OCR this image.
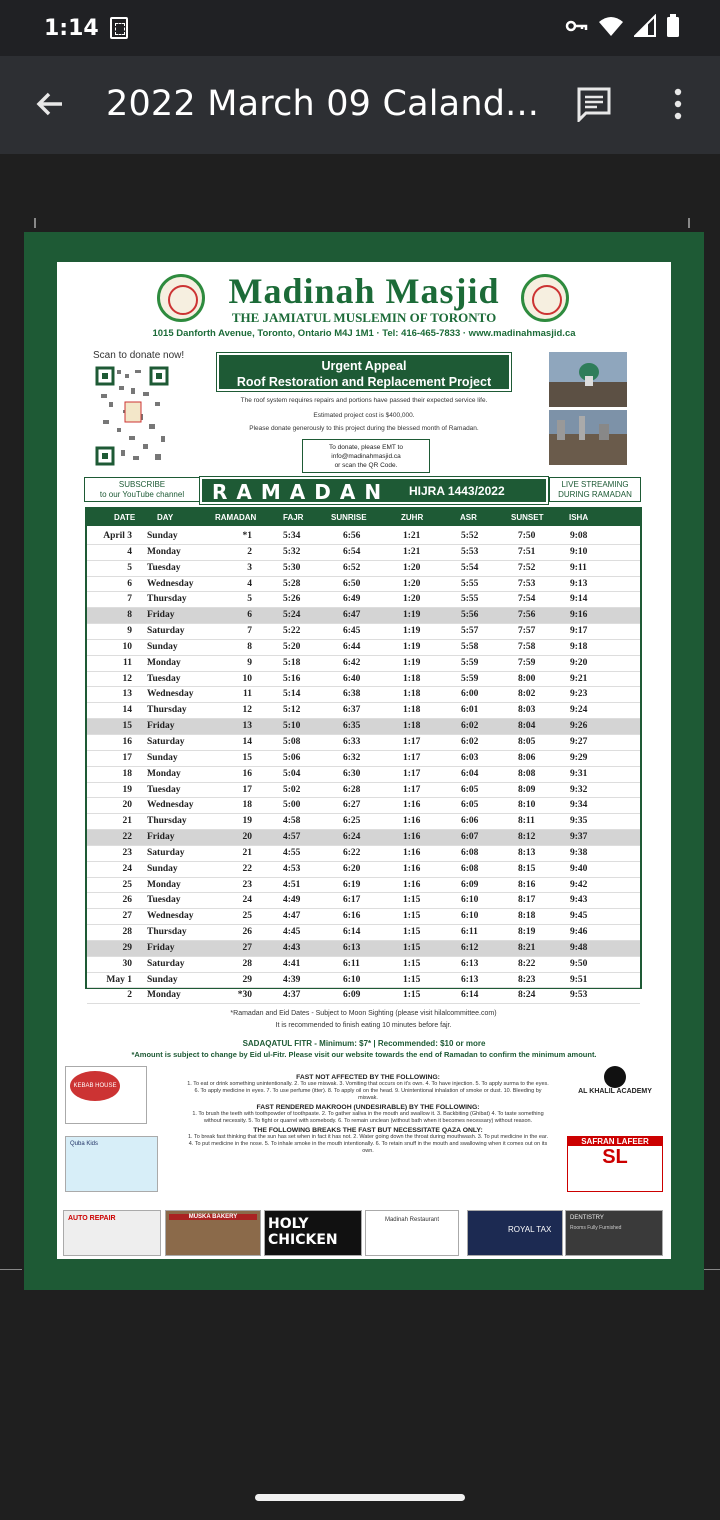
1:14
2022 March 09 Caland...
Madinah Masjid
THE JAMIATUL MUSLEMIN OF TORONTO
1015 Danforth Avenue, Toronto, Ontario M4J 1M1 · Tel: 416-465-7833 · www.madinahmasjid.ca
Scan to donate now!
Urgent Appeal
Roof Restoration and Replacement Project
The roof system requires repairs and portions have passed their expected service life.
Estimated project cost is $400,000.
Please donate generously to this project during the blessed month of Ramadan.
To donate, please EMT to
info@madinahmasjid.ca
or scan the QR Code.
SUBSCRIBE
to our YouTube channel	RAMADAN HIJRA 1443/2022	LIVE STREAMING
DURING RAMADAN
DATE	DAY	RAMADAN	FAJR	SUNRISE	ZUHR	ASR	SUNSET	ISHA
April 3 Sunday	*1	5:34	6:56	1:21	5:52	7:50	9:08
4 Monday	2	5:32	6:54	1:21	5:53	7:51	9:10
5 Tuesday	3	5:30	6:52	1:20	5:54	7:52	9:11
6 Wednesday	4	5:28	6:50	1:20	5:55	7:53	9:13
7 Thursday	5	5:26	6:49	1:20	5:55	7:54	9:14
8 Friday	6	5:24	6:47	1:19	5:56	7:56	9:16
9 Saturday	7	5:22	6:45	1:19	5:57	7:57	9:17
10 Sunday	8	5:20	6:44	1:19	5:58	7:58	9:18
11 Monday	9	5:18	6:42	1:19	5:59	7:59	9:20
12 Tuesday	10	5:16	6:40	1:18	5:59	8:00	9:21
13 Wednesday	11	5:14	6:38	1:18	6:00	8:02	9:23
14 Thursday	12	5:12	6:37	1:18	6:01	8:03	9:24
15 Friday	13	5:10	6:35	1:18	6:02	8:04	9:26
16 Saturday	14	5:08	6:33	1:17	6:02	8:05	9:27
17 Sunday	15	5:06	6:32	1:17	6:03	8:06	9:29
18 Monday	16	5:04	6:30	1:17	6:04	8:08	9:31
19 Tuesday	17	5:02	6:28	1:17	6:05	8:09	9:32
20 Wednesday	18	5:00	6:27	1:16	6:05	8:10	9:34
21 Thursday	19	4:58	6:25	1:16	6:06	8:11	9:35
22 Friday	20	4:57	6:24	1:16	6:07	8:12	9:37
23 Saturday	21	4:55	6:22	1:16	6:08	8:13	9:38
24 Sunday	22	4:53	6:20	1:16	6:08	8:15	9:40
25 Monday	23	4:51	6:19	1:16	6:09	8:16	9:42
26 Tuesday	24	4:49	6:17	1:15	6:10	8:17	9:43
27 Wednesday	25	4:47	6:16	1:15	6:10	8:18	9:45
28 Thursday	26	4:45	6:14	1:15	6:11	8:19	9:46
29 Friday	27	4:43	6:13	1:15	6:12	8:21	9:48
30 Saturday	28	4:41	6:11	1:15	6:13	8:22	9:50
May 1 Sunday	29	4:39	6:10	1:15	6:13	8:23	9:51
2 Monday	*30	4:37	6:09	1:15	6:14	8:24	9:53
*Ramadan and Eid Dates - Subject to Moon Sighting (please visit hilalcommittee.com)
It is recommended to finish eating 10 minutes before fajr.
SADAQATUL FITR - Minimum: $7* | Recommended: $10 or more
*Amount is subject to change by Eid ul-Fitr. Please visit our website towards the end of Ramadan to confirm the minimum amount.
FAST NOT AFFECTED BY THE FOLLOWING:
1. To eat or drink something unintentionally. 2. To use miswak. 3. Vomiting that occurs on it's own. 4. To have injection. 5. To apply surma to the eyes. 6. To apply medicine in eyes. 7. To use perfume (itter). 8. To apply oil on the head. 9. Unintentional inhalation of smoke or dust. 10. Bleeding by miswak.
FAST RENDERED MAKROOH (UNDESIRABLE) BY THE FOLLOWING:
1. To brush the teeth with toothpowder of toothpaste. 2. To gather saliva in the mouth and swallow it. 3. Backbiting (Ghibat) 4. To taste something without necessity. 5. To fight or quarrel with somebody. 6. To remain unclean (without bath when it becomes necessary) without reason.
THE FOLLOWING BREAKS THE FAST BUT NECESSITATE QAZA ONLY:
1. To break fast thinking that the sun has set when in fact it has not. 2. Water going down the throat during mouthwash. 3. To put medicine in the ear. 4. To put medicine in the nose. 5. To inhale smoke in the mouth intentionally. 6. To retain snuff in the mouth and swallowing when it comes out on its own.
KEBAB HOUSE
Quba Kids
AL KHALIL ACADEMY
SAFRAN LAFEER
SL
AUTO REPAIR	MUSKA BAKERY	HOLY CHICKEN
Madinah Restaurant
ROYAL TAX
DENTISTRY
Rooms Fully Furnished
